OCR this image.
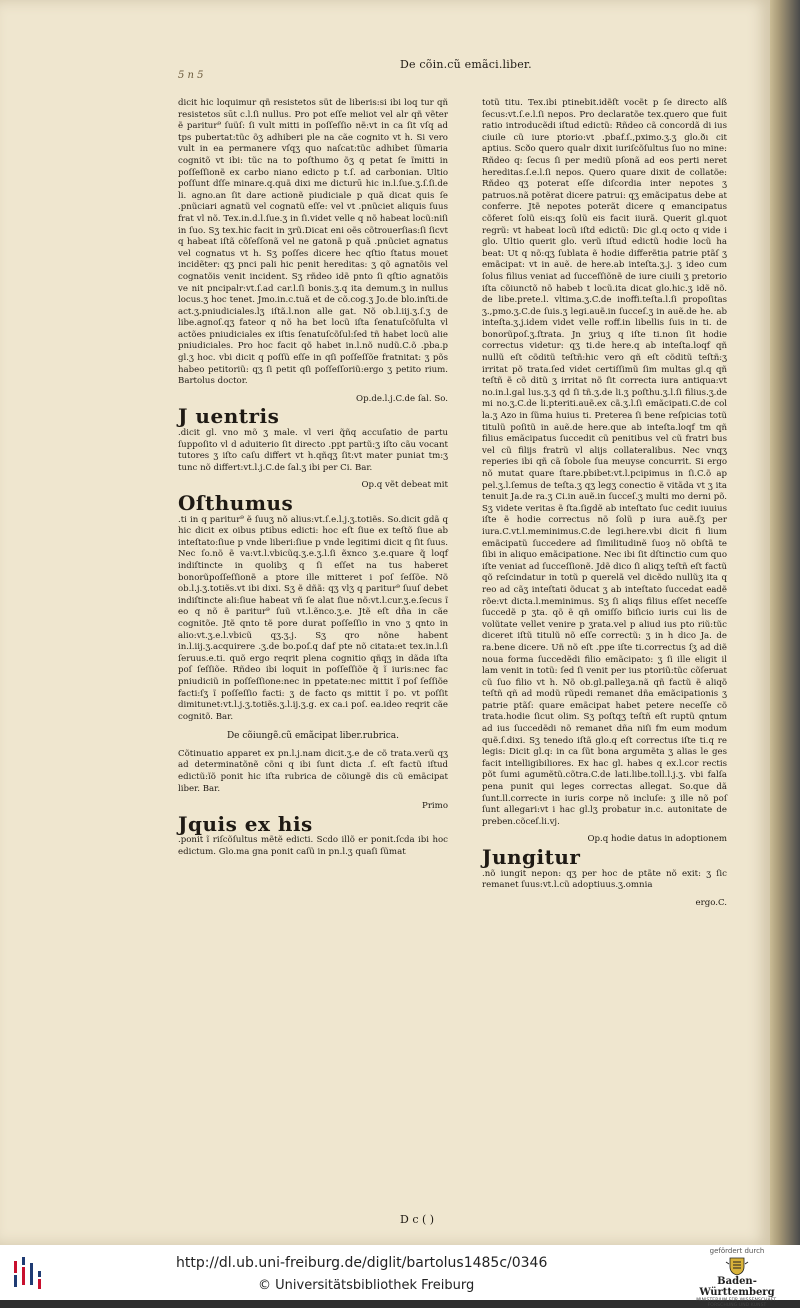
5 n 5
De cõin.cũ emãci.liber.

dicit hic loquimur qñ resistetos süt de liberis:si ibi loq tur qñ resistetos sūt c.l.ſi nullus. Pro pot eſſe meliot vel alr qñ vẽter ẽ paritur⁹ ſuüſ: ſi vult mitti in poſſeſſio nẽ:vt in ca ſit vſq ad tps pubertat:tũc õʒ adhiberi ple na cãe cognito vt h. Si vero vult in ea permanere vſqʒ quo naſcat:tũc adhibet ſũmaria cognitõ vt ibi: tũc na to poſthumo õʒ q petat ſe ĩmitti in poſſeſſionẽ ex carbo niano edicto p t.ſ. ad carbonian. Ultio poſſunt dſſe minare.q.quã dixi me dicturū hic in.l.ſue.ʒ.ſ.ſi.de li. agno.an ſit dare actionẽ piudiciale p quã dicat quis ſe .pnũciari agnatũ vel cognatũ eſſe: vel vt .pnũciet aliquis ſuus frat vl nõ. Tex.in.d.l.ſue.ʒ in ſi.videt velle q nõ habeat locũ:niſi in ſuo. Sʒ tex.hic facit in ʒrũ.Dicat eni oẽs cõtrouerſias:ſi ſicvt q habeat iſtã cõſeſſonã vel ne gatonã p quã .pnũciet agnatus vel cognatus vt h. Sʒ poſſes dicere hec qſtio ſtatus mouet incidẽter: qʒ pnci pali hic penit hereditas: ʒ qõ agnatõis vel cognatõis venit incident. Sʒ rñdeo idẽ pnto ſi qſtio agnatõis ve nit pncipalr:vt.ſ.ad car.l.ſi bonis.ʒ.q ita demum.ʒ in nullus locus.ʒ hoc tenet. Jmo.in.c.tuã et de cõ.cog.ʒ Jo.de blo.inſti.de act.ʒ.pniudiciales.lʒ iſtã.l.non alle gat. Nõ ob.l.iij.ʒ.ſ.ʒ de libe.agnoſ.qʒ fateor q nõ ha bet locũ iſta ſenatuſcõſulta vl actões pniudiciales ex iſtis ſenatuſcõſul:ſed tñ habet locũ alie pniudiciales. Pro hoc facit qõ habet in.l.nõ nudũ.C.õ .pba.p gl.ʒ hoc. vbi dicit q poſſũ eſſe in qſi poſſeſſõe fratnitat: ʒ põs habeo petitoriũ: qʒ ſi petit qſi poſſeſſoriũ:ergo ʒ petito rium. Bartolus doctor.

Op.de.l.j.C.de ſal. So.
J uentris

.dicit gl. vno mõ ʒ male. vl veri q̃ñq accuſatio de partu ſuppoſito vl d aduiterio ſit directo .ppt partũ:ʒ iſto cãu vocant tutores ʒ iſto caſu differt vt h.qñqʒ ſit:vt mater puniat tm:ʒ tunc nõ differt:vt.l.j.C.de ſal.ʒ ibi per Ci. Bar.

Op.q vẽt debeat mit
Oſthumus

.ti in q paritur⁹ ẽ ſuuʒ nõ alius:vt.ſ.e.l.j.ʒ.totiẽs. So.dicit gdã q hic dicit ex oibus ptibus edicti: hoc eſt ſiue ex teſtõ ſiue ab inteſtato:ſiue p vnde liberi:ſiue p vnde legitimi dicit q ſit ſuus. Nec ſo.nõ ẽ va:vt.l.vbicũq.ʒ.e.ʒ.l.ſi ẽxnco ʒ.e.quare q̃ loqf indiſtincte in quolibʒ q ſi eſſet na tus haberet bonorũpoſſeſſionẽ a ptore ille mitteret i poſ ſeſſõe. Nõ ob.l.j.ʒ.totiẽs.vt ibi dixi. Sʒ ẽ dñã: qʒ vlʒ q paritur⁹ ſuuſ debet indiſtincte ali:ſiue habeat vñ ſe alat ſiue nõ:vt.l.cur.ʒ.e.ſecus ĩ eo q nõ ẽ paritur⁹ ſuũ vt.l.ẽnco.ʒ.e. Jtẽ eſt dña in cãe cognitõe. Jtẽ qnto tẽ pore durat poſſeſſio in vno ʒ qnto in alio:vt.ʒ.e.l.vbicũ qʒ.ʒ.j. Sʒ qro nõne habent in.l.iij.ʒ.acquirere .ʒ.de bo.poſ.q daf pte nõ citata:et tex.in.l.ſi ſeruus.e.ti. quõ ergo reqrit plena cognitio qñqʒ in dãda iſta poſ ſeſſiõe. Rñdeo ibi loquit in poſſeſſiõe q̃ ĩ iuris:nec fac pniudiciũ in poſſeſſione:nec in ppetate:nec mittit ĩ poſ ſeſſiõe facti:ſʒ ĩ poſſeſſio facti: ʒ de facto qs mittit ĩ po. vt poſſit dimitunet:vt.l.j.ʒ.totiẽs.ʒ.l.ij.ʒ.g. ex ca.i poſ. ea.ideo reqrit cãe cognitõ. Bar.

De cõiungẽ.cũ emãcipat liber.rubrica.

Cõtinuatio apparet ex pn.l.j.nam dicit.ʒ.e de cõ trata.verũ qʒ ad determinatõnẽ cõni q ibi ſunt dicta .ſ. eſt factũ iſtud edictũ:ĩõ ponit hic iſta rubrica de cõiungẽ dis cũ emãcipat liber. Bar.

Primo
Jquis ex his

.ponit ĩ riſcõſultus mẽtẽ edicti. Scdo illõ er ponit.ſcda ibi hoc edictum. Glo.ma gna ponit caſũ in pn.l.ʒ quaſi ſũmat

totũ titu. Tex.ibi ptinebit.idẽſt vocẽt p ſe directo alß ſecus:vt.ſ.e.l.ſi nepos. Pro declaratõe tex.quero que fuit ratio introducẽdi iſtud edictũ: Rñdeo cã concordã di ius ciuile cũ iure ptorio:vt .pbaf.ſ.,pximo.ʒ.ʒ glo.ðı cit aptius. Scðo quero qualr dixit iuriſcõſultus ſuo no mine: Rñdeo q: ſecus ſi per mediũ pſonã ad eos perti neret hereditas.ſ.e.l.ſi nepos. Quero quare dixit de collatõe: Rñdeo qʒ poterat eſſe diſcordia inter nepotes ʒ patruos.nã potẽrat dicere patrui: qʒ emãcipatus debe at conferre. Jtẽ nepotes poterãt dicere q emancipatus cõferet ſolũ eis:qʒ ſolũ eis facit iiurã. Querit gl.quot regrũ: vt habeat locũ iſtd edictũ: Dic gl.q octo q vide i glo. Ultio querit glo. verũ iſtud edictũ hodie locũ ha beat: Ut q nõ:qʒ ſublata ẽ hodie differẽtia patrie ptãſ ʒ emãcipat: vt in auẽ. de here.ab inteſta.ʒ.j. ʒ ideo cum ſolus filius veniat ad ſucceſſiõnẽ de iure ciuili ʒ pretorio iſta cõiunctõ nõ habeb t locũ.ita dicat glo.hic.ʒ idẽ nõ. de libe.prete.l. vltima.ʒ.C.de inoffi.teſta.l.ſi propoſitas ʒ.,pmo.ʒ.C.de ſuis.ʒ legi.auẽ.in ſucceſ.ʒ in auẽ.de he. ab inteſta.ʒ.j.idem videt velle roff.in libellis ſuis in ti. de bonorũpoſ.ʒ.ſtrata. Jn ʒriuʒ q iſte ti.non ſit hodie correctus videtur: qʒ ti.de here.q ab inteſta.loqf qñ nullũ eſt cõditũ teſtñ:hic vero qñ eſt cõditũ teſtñ:ʒ irritat põ trata.ſed videt certiſſimũ ſim multas gl.q qñ teſtñ ẽ cõ ditũ ʒ irritat nõ ſit correcta iura antiqua:vt no.in.l.gal lus.ʒ.ʒ qd ſi tñ.ʒ.de li.ʒ poſthu.ʒ.l.ſi filius.ʒ.de mi no.ʒ.C.de li.pteriti.auẽ.ex cã.ʒ.l.ſi emãcipati.C.de col la.ʒ Azo in ſũma huius ti. Preterea ſi bene reſpicias totũ titulũ poſitũ in auẽ.de here.que ab inteſta.loqf tm qñ filius emãcipatus ſuccedit cũ penitibus vel cũ fratri bus vel cũ filijs fratrũ vl alijs collateralibus. Nec vnqʒ reperies ibi qñ cã ſobole ſua meuyse concurrit. Si ergo nõ mutat quare ſtare.pbibet:vt.l.pcipimus in ſi.C.õ ap pel.ʒ.l.ſemus de teſta.ʒ qʒ legʒ conectio ẽ vitãda vt ʒ ita tenuit Ja.de ra.ʒ Ci.in auẽ.in ſucceſ.ʒ multi mo derni põ. Sʒ videte veritas ẽ ſta.ſigdẽ ab inteſtato ſuc cedit iuuius iſte ẽ hodie correctus nõ ſolũ p iura auẽ.ſʒ per iura.C.vt.l.meminimus.C.de legi.here.vbi dicit fi lium emãcipatũ ſuccedere ad ſimilitudinẽ ſuoȝ nõ obſtã te ſibi in aliquo emãcipatione. Nec ibi ſit dſtinctio cum quo iſte veniat ad ſucceſſionẽ. Jdẽ dico ſi aliqʒ teſtñ eſt factũ qõ reſcindatur in totũ p querelã vel dicẽdo nullũʒ ita q reo ad cãʒ inteſtati õducat ʒ ab inteſtato ſuccedat eadẽ rõe:vt dicta.l.meminimus. Sʒ ſi aliqs filius eſſet neceſſe ſuccedẽ p ʒta. qõ ẽ qñ omiſſo biſicio iuris cui lis de volũtate vellet venire p ʒrata.vel p aliud ius pto riũ:tũc diceret iſtũ titulũ nõ eſſe correctũ: ʒ in h dico Ja. de ra.bene dicere. Uñ nõ eſt .ppe iſte ti.correctus ſʒ ad diẽ noua forma ſuccedẽdi filio emãcipato: ʒ ſi ille eligit il lam venit in totũ: ſed ſi venit per ius ptoriũ:tũc cõſeruat cũ ſuo filio vt h. Nõ ob.gl.palleʒa.nã qñ factũ ẽ aliqõ teſtñ qñ ad modũ rũpedi remanet dña emãcipationis ʒ patrie ptãſ: quare emãcipat habet petere neceſſe cõ trata.hodie ſicut olim. Sʒ poſtqʒ teſtñ eſt ruptũ qntum ad ius ſuccedẽdi nõ remanet dña niſi fm eum modum quẽ.ſ.dixi. Sʒ tenedo iſtã glo.q eſt correctus iſte ti.q re legis: Dicit gl.q: in ca ſũt bona argumẽta ʒ alias le ges facit intelligibiliores. Ex hac gl. habes q ex.l.cor rectis põt ſumi agumẽtũ.cõtra.C.de lati.libe.toll.l.j.ʒ. vbi falſa pena punit qui leges correctas allegat. So.que dã ſunt.ll.correcte in iuris corpe nõ incluſe: ʒ ille nõ poſ ſunt allegari:vt i hac gl.lʒ probatur in.c. autonitate de preben.cõceſ.li.vj.

Op.q hodie datus in adoptionem
Jungitur

.nõ iungit nepon: qʒ per hoc de ptãte nõ exit: ʒ ſic remanet ſuus:vt.l.cũ adoptiuus.ʒ.omnia

ergo.C.
D c ( )
http://dl.ub.uni-freiburg.de/diglit/bartolus1485c/0346
© Universitätsbibliothek Freiburg
gefördert durch
Baden-Württemberg
MINISTERIUM FÜR WISSENSCHAFT, FORSCHUNG UND KUNST
